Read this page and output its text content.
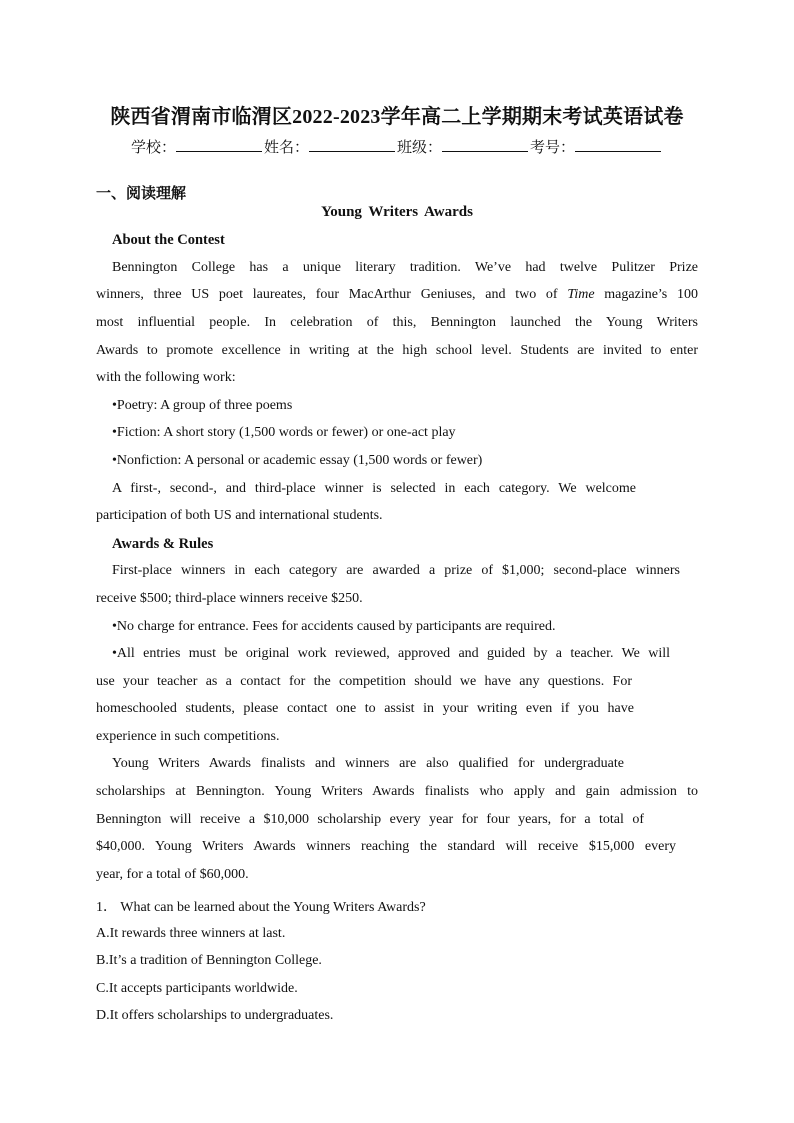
陕西省渭南市临渭区2022-2023学年高二上学期期末考试英语试卷
学校：	姓名：	班级：	考号：
一、阅读理解
Young Writers Awards
About the Contest
Bennington College has a unique literary tradition. We’ve had twelve Pulitzer Prize
winners, three US poet laureates, four MacArthur Geniuses, and two of Time magazine’s 100
most influential people. In celebration of this, Bennington launched the Young Writers
Awards to promote excellence in writing at the high school level. Students are invited to enter
with the following work:
•Poetry: A group of three poems
•Fiction: A short story (1,500 words or fewer) or one-act play
•Nonfiction: A personal or academic essay (1,500 words or fewer)
A first-, second-, and third-place winner is selected in each category. We welcome
participation of both US and international students.
Awards & Rules
First-place winners in each category are awarded a prize of $1,000; second-place winners
receive $500; third-place winners receive $250.
•No charge for entrance. Fees for accidents caused by participants are required.
•All entries must be original work reviewed, approved and guided by a teacher. We will
use your teacher as a contact for the competition should we have any questions. For
homeschooled students, please contact one to assist in your writing even if you have
experience in such competitions.
Young Writers Awards finalists and winners are also qualified for undergraduate
scholarships at Bennington. Young Writers Awards finalists who apply and gain admission to
Bennington will receive a $10,000 scholarship every year for four years, for a total of
$40,000. Young Writers Awards winners reaching the standard will receive $15,000 every
year, for a total of $60,000.
1． What can be learned about the Young Writers Awards?
A.It rewards three winners at last.
B.It’s a tradition of Bennington College.
C.It accepts participants worldwide.
D.It offers scholarships to undergraduates.
